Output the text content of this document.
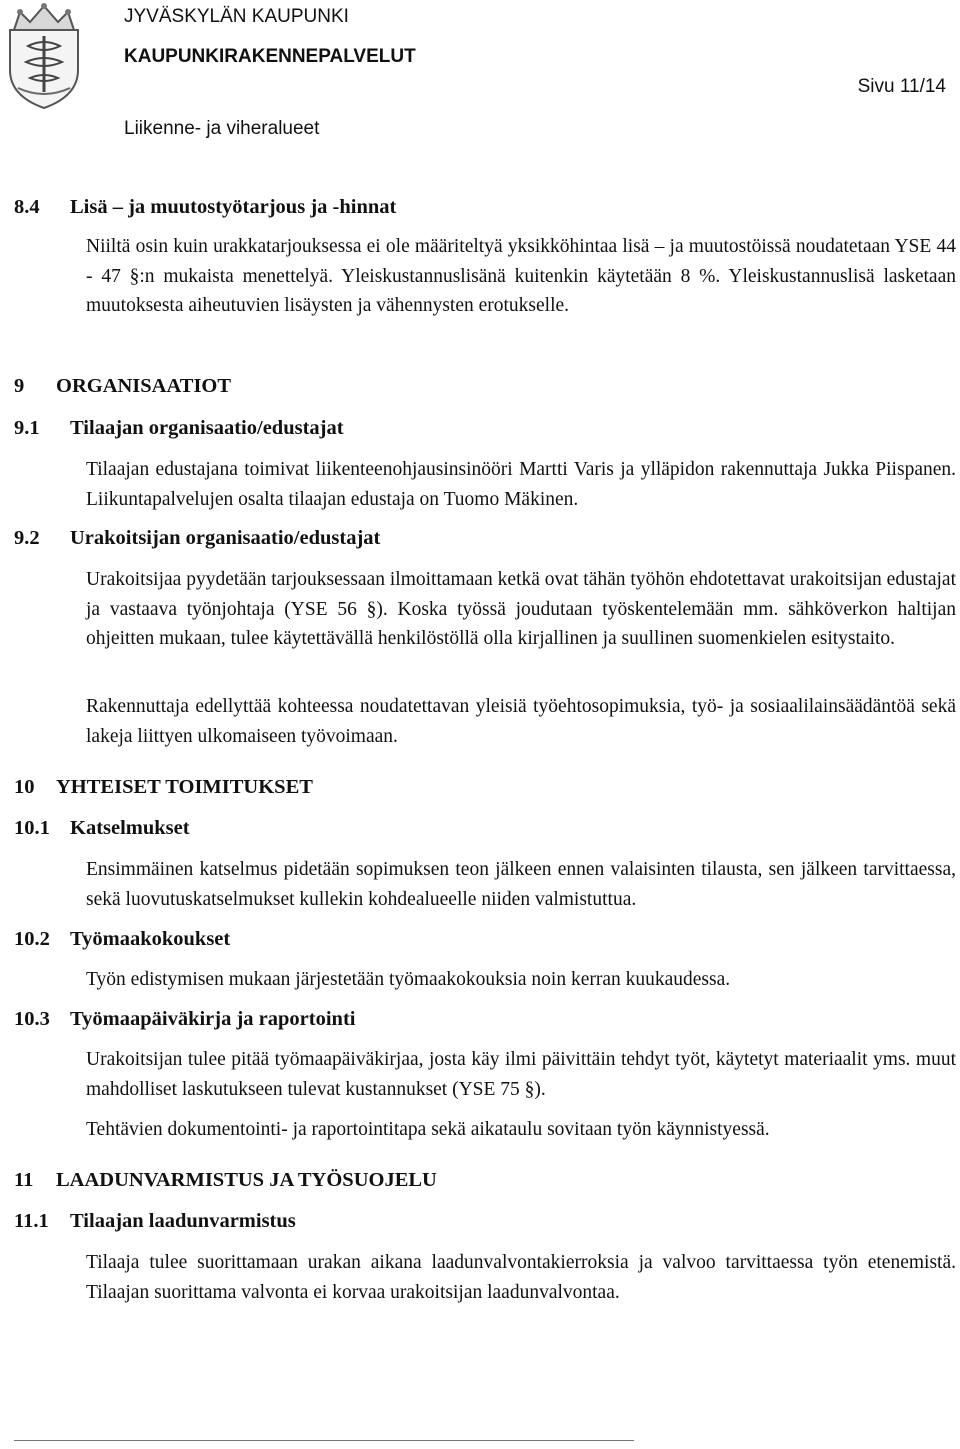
JYVÄSKYLÄN KAUPUNKI
KAUPUNKIRAKENNEPALVELUT
Sivu 11/14
Liikenne- ja viheralueet
8.4 Lisä – ja muutostyötarjous ja -hinnat
Niiltä osin kuin urakkatarjouksessa ei ole määriteltyä yksikköhintaa lisä – ja muutostöissä noudatetaan YSE 44 - 47 §:n mukaista menettelyä. Yleiskustannuslisänä kuitenkin käytetään 8 %. Yleiskustannuslisä lasketaan muutoksesta aiheutuvien lisäysten ja vähennysten erotukselle.
9 ORGANISAATIOT
9.1 Tilaajan organisaatio/edustajat
Tilaajan edustajana toimivat liikenteenohjausinsinööri Martti Varis ja ylläpidon rakennuttaja Jukka Piispanen. Liikuntapalvelujen osalta tilaajan edustaja on Tuomo Mäkinen.
9.2 Urakoitsijan organisaatio/edustajat
Urakoitsijaa pyydetään tarjouksessaan ilmoittamaan ketkä ovat tähän työhön ehdotettavat urakoitsijan edustajat ja vastaava työnjohtaja (YSE 56 §). Koska työssä joudutaan työskentelemään mm. sähköverkon haltijan ohjeitten mukaan, tulee käytettävällä henkilöstöllä olla kirjallinen ja suullinen suomenkielen esitystaito.
Rakennuttaja edellyttää kohteessa noudatettavan yleisiä työehtosopimuksia, työ- ja sosiaalilainsäädäntöä sekä lakeja liittyen ulkomaiseen työvoimaan.
10 YHTEISET TOIMITUKSET
10.1 Katselmukset
Ensimmäinen katselmus pidetään sopimuksen teon jälkeen ennen valaisinten tilausta, sen jälkeen tarvittaessa, sekä luovutuskatselmukset kullekin kohdealueelle niiden valmistuttua.
10.2 Työmaakokoukset
Työn edistymisen mukaan järjestetään työmaakokouksia noin kerran kuukaudessa.
10.3 Työmaapäiväkirja ja raportointi
Urakoitsijan tulee pitää työmaapäiväkirjaa, josta käy ilmi päivittäin tehdyt työt, käytetyt materiaalit yms. muut mahdolliset laskutukseen tulevat kustannukset (YSE 75 §).
Tehtävien dokumentointi- ja raportointitapa sekä aikataulu sovitaan työn käynnistyessä.
11 LAADUNVARMISTUS JA TYÖSUOJELU
11.1 Tilaajan laadunvarmistus
Tilaaja tulee suorittamaan urakan aikana laadunvalvontakierroksia ja valvoo tarvittaessa työn etenemistä. Tilaajan suorittama valvonta ei korvaa urakoitsijan laadunvalvontaa.
